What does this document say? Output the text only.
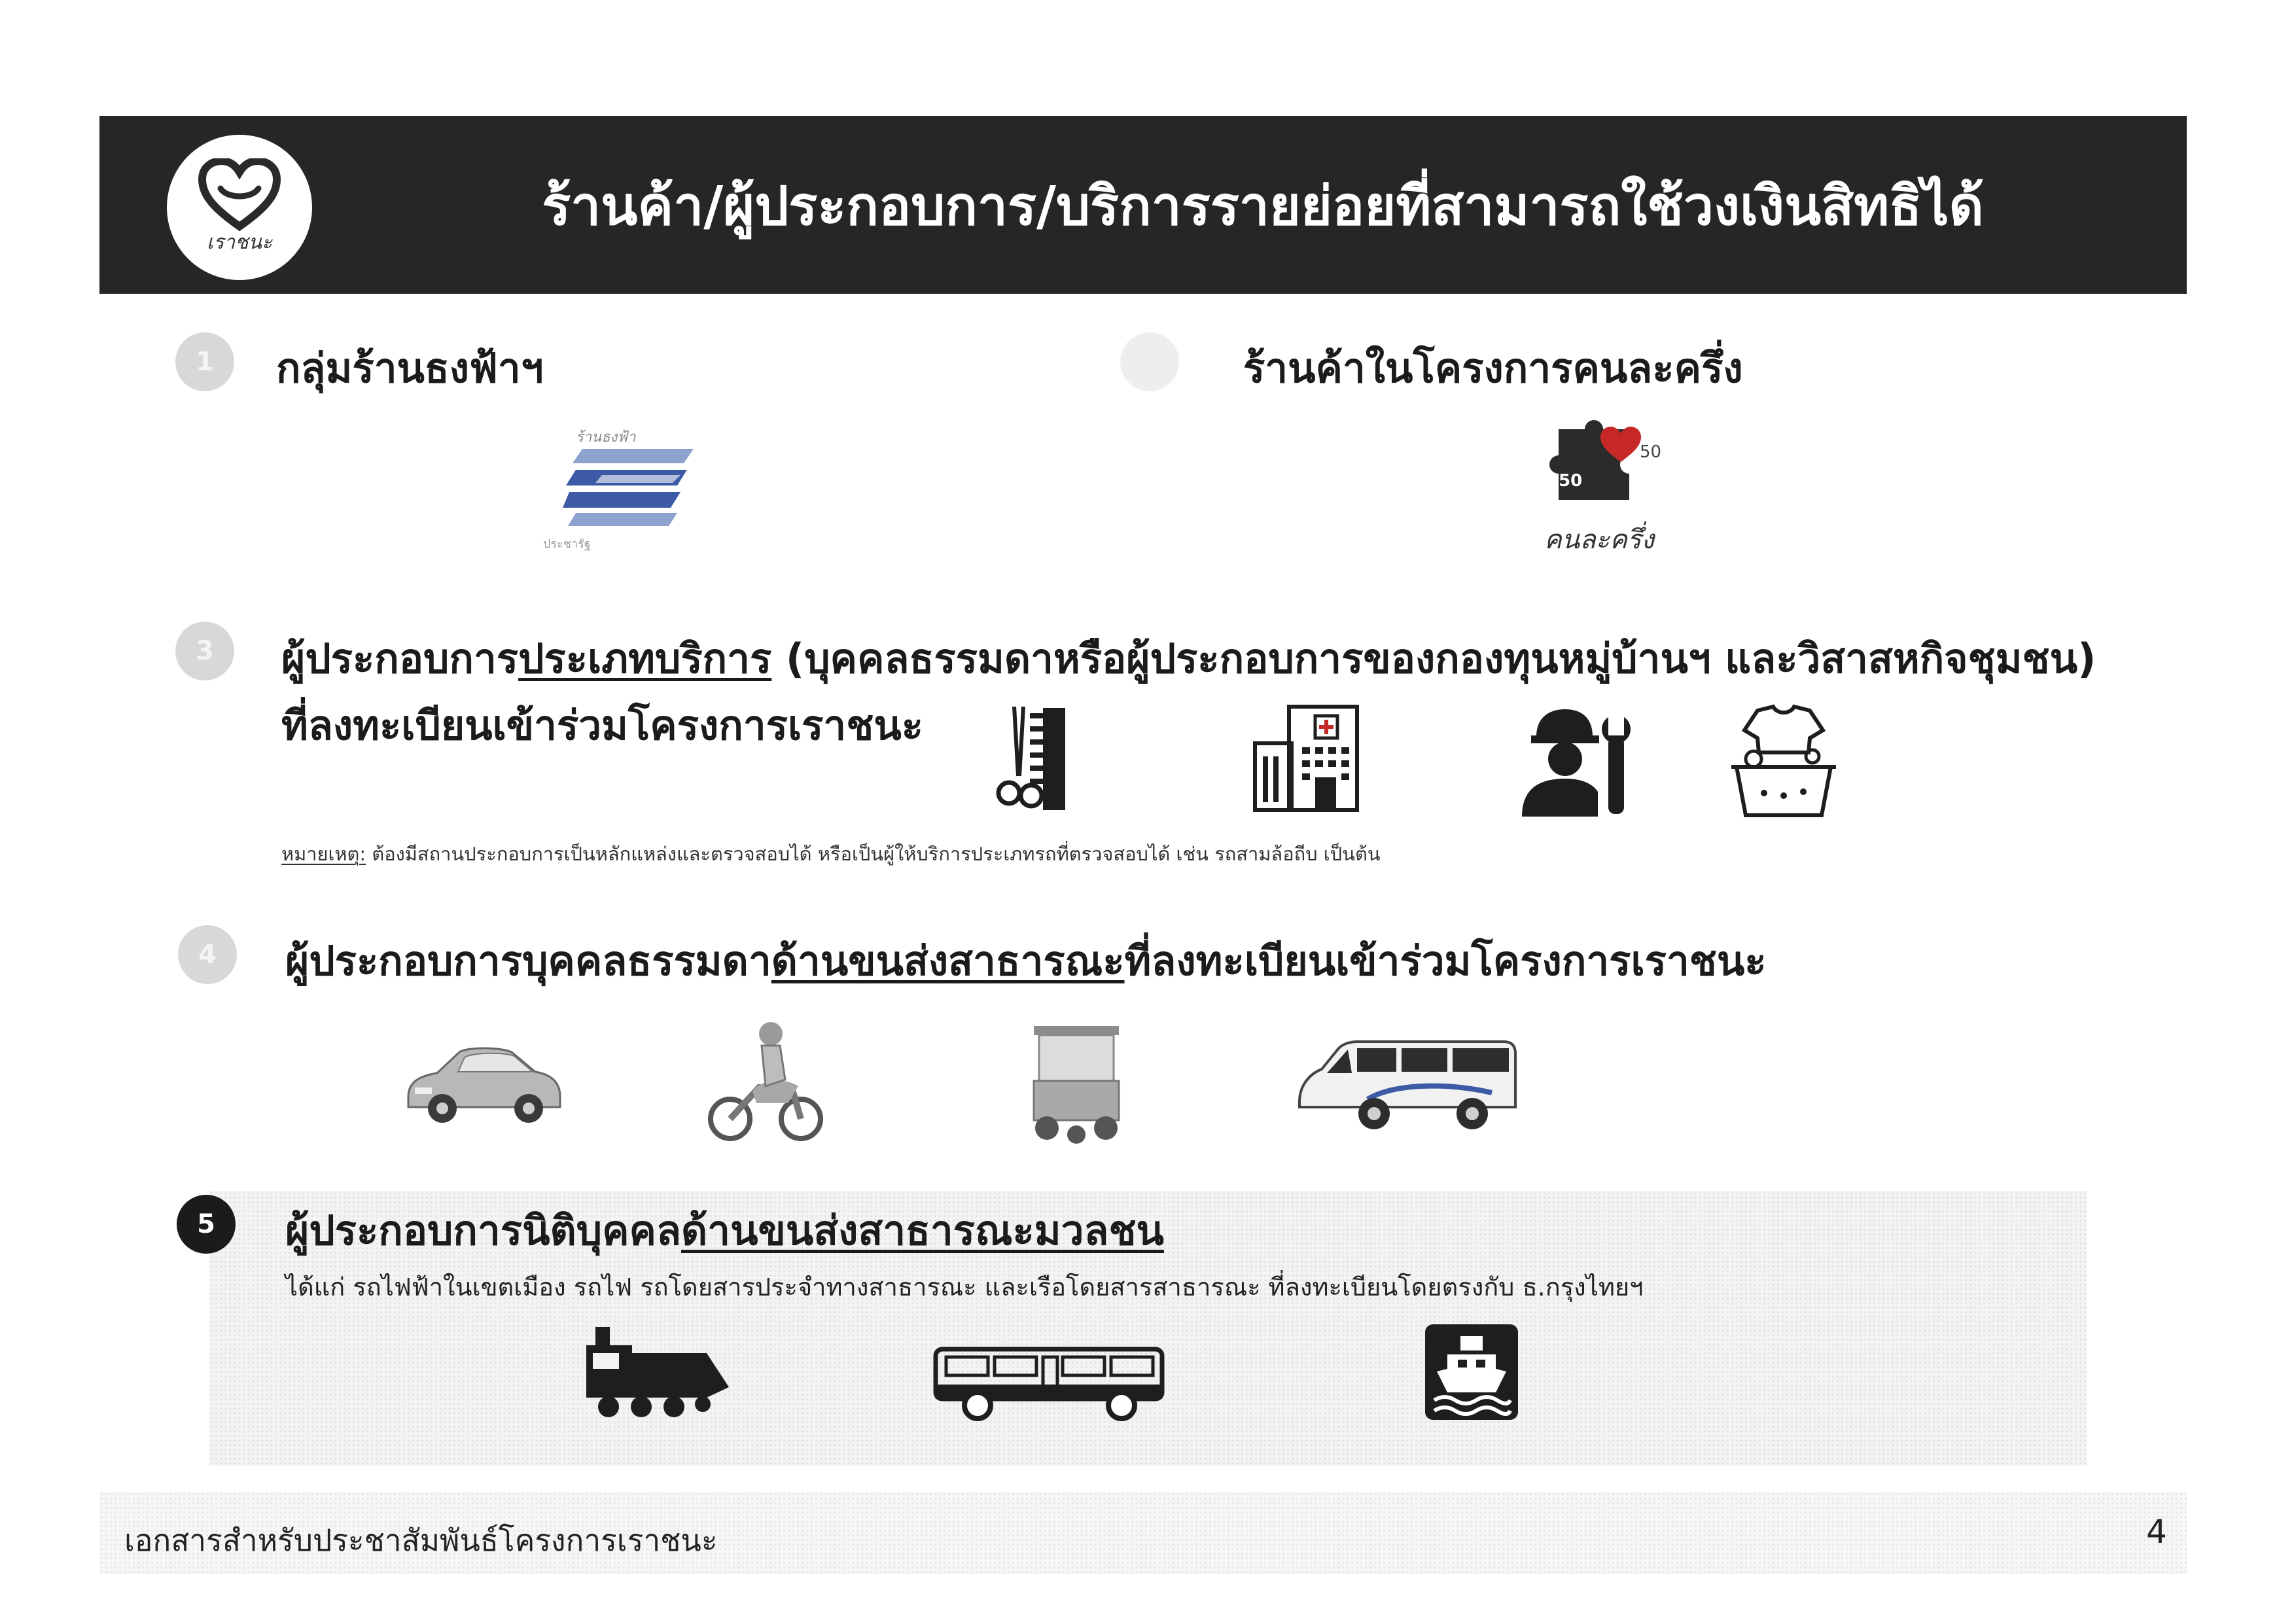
เราชนะ
ร้านค้า/ผู้ประกอบการ/บริการรายย่อยที่สามารถใช้วงเงินสิทธิได้
1	กลุ่มร้านธงฟ้าฯ
ร้านธงฟ้า
ประชารัฐ
ร้านค้าในโครงการคนละครึ่ง
50
50
คนละครึ่ง
3	ผู้ประกอบการประเภทบริการ (บุคคลธรรมดาหรือผู้ประกอบการของกองทุนหมู่บ้านฯ และวิสาสหกิจชุมชน)
ที่ลงทะเบียนเข้าร่วมโครงการเราชนะ
หมายเหตุ: ต้องมีสถานประกอบการเป็นหลักแหล่งและตรวจสอบได้ หรือเป็นผู้ให้บริการประเภทรถที่ตรวจสอบได้ เช่น รถสามล้อถีบ เป็นต้น
4	ผู้ประกอบการบุคคลธรรมดาด้านขนส่งสาธารณะที่ลงทะเบียนเข้าร่วมโครงการเราชนะ
5	ผู้ประกอบการนิติบุคคลด้านขนส่งสาธารณะมวลชน
ได้แก่ รถไฟฟ้าในเขตเมือง รถไฟ รถโดยสารประจำทางสาธารณะ และเรือโดยสารสาธารณะ ที่ลงทะเบียนโดยตรงกับ ธ.กรุงไทยฯ
เอกสารสำหรับประชาสัมพันธ์โครงการเราชนะ	4
